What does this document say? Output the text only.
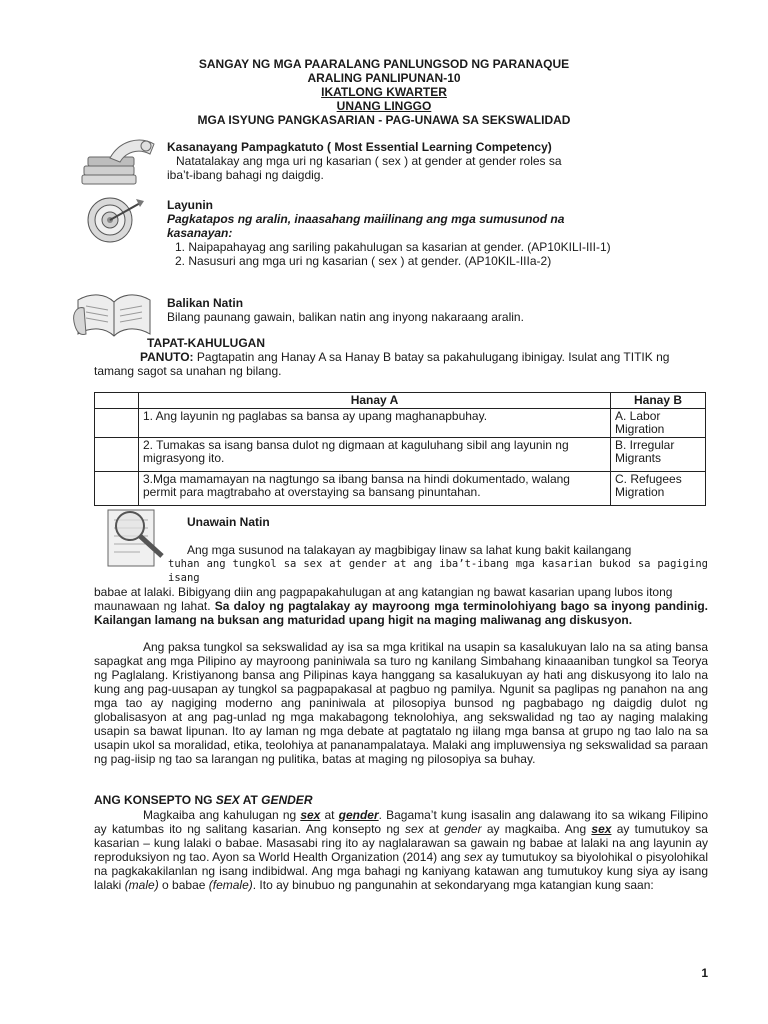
SANGAY NG MGA PAARALANG PANLUNGSOD NG PARANAQUE
ARALING PANLIPUNAN-10
IKATLONG KWARTER
UNANG LINGGO
MGA ISYUNG PANGKASARIAN - PAG-UNAWA SA SEKSWALIDAD
Kasanayang Pampagkatuto ( Most Essential Learning Competency)
Natatalakay ang mga uri ng kasarian ( sex ) at gender at gender roles sa
iba’t-ibang bahagi ng daigdig.
Layunin
Pagkatapos ng aralin, inaasahang maiilinang ang mga sumusunod na
kasanayan:
1. Naipapahayag ang sariling pakahulugan sa kasarian at gender. (AP10KILI-III-1)
2. Nasusuri ang mga uri ng kasarian ( sex ) at gender. (AP10KIL-IIIa-2)
Balikan Natin
Bilang paunang gawain, balikan natin ang inyong nakaraang aralin.
TAPAT-KAHULUGAN
PANUTO: Pagtapatin ang Hanay A sa Hanay B batay sa pakahulugang ibinigay. Isulat ang TITIK ng
tamang sagot sa unahan ng bilang.
	Hanay A	Hanay B
	1. Ang layunin ng paglabas sa bansa ay upang maghanapbuhay.	A. Labor
Migration

	2. Tumakas sa isang bansa dulot ng digmaan at kaguluhang sibil ang layunin ng migrasyong ito.	B. Irregular
Migrants

	3.Mga mamamayan na nagtungo sa ibang bansa na hindi dokumentado, walang permit para magtrabaho at overstaying sa bansang pinuntahan.	C. Refugees
Migration
Unawain Natin
Ang mga susunod na talakayan ay magbibigay linaw sa lahat kung bakit kailangang
tuhan ang tungkol sa sex at gender at ang iba’t-ibang mga kasarian bukod sa pagiging isang
babae at lalaki. Bibigyang diin ang pagpapakahulugan at ang katangian ng bawat kasarian upang lubos itong
maunawaan ng lahat. Sa daloy ng pagtalakay ay mayroong mga terminolohiyang bago sa inyong pandinig. Kailangan lamang na buksan ang maturidad upang higit na maging maliwanag ang diskusyon.
Ang paksa tungkol sa sekswalidad ay isa sa mga kritikal na usapin sa kasalukuyan lalo na sa ating bansa sapagkat ang mga Pilipino ay mayroong paniniwala sa turo ng kanilang Simbahang kinaaaniban tungkol sa Teorya ng Paglalang. Kristiyanong bansa ang Pilipinas kaya hanggang sa kasalukuyan ay hati ang diskusyong ito lalo na kung ang pag-uusapan ay tungkol sa pagpapakasal at pagbuo ng pamilya. Ngunit sa paglipas ng panahon na ang mga tao ay nagiging moderno ang paniniwala at pilosopiya bunsod ng pagbabago ng daigdig dulot ng globalisasyon at ang pag-unlad ng mga makabagong teknolohiya, ang sekswalidad ng tao ay naging malaking usapin sa bawat lipunan. Ito ay laman ng mga debate at pagtatalo ng iilang mga bansa at grupo ng tao lalo na sa usapin ukol sa moralidad, etika, teolohiya at pananampalataya. Malaki ang impluwensiya ng sekswalidad sa paraan ng pag-iisip ng tao sa larangan ng pulitika, batas at maging ng pilosopiya sa buhay.
ANG KONSEPTO NG SEX AT GENDER
Magkaiba ang kahulugan ng sex at gender. Bagama’t kung isasalin ang dalawang ito sa wikang Filipino ay katumbas ito ng salitang kasarian. Ang konsepto ng sex at gender ay magkaiba. Ang sex ay tumutukoy sa kasarian – kung lalaki o babae. Masasabi ring ito ay naglalarawan sa gawain ng babae at lalaki na ang layunin ay reproduksiyon ng tao. Ayon sa World Health Organization (2014) ang sex ay tumutukoy sa biyolohikal o pisyolohikal na pagkakakilanlan ng isang indibidwal. Ang mga bahagi ng kaniyang katawan ang tumutukoy kung siya ay isang lalaki (male) o babae (female). Ito ay binubuo ng pangunahin at sekondaryang mga katangian kung saan:
1
